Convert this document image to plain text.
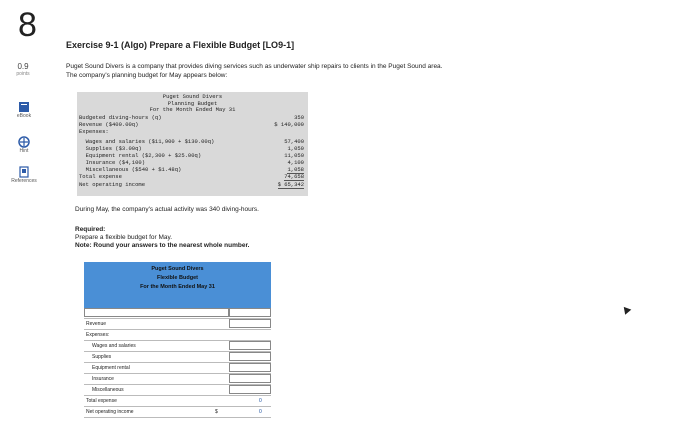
8
0.9
points
eBook
Hint
References
Exercise 9-1 (Algo) Prepare a Flexible Budget [LO9-1]
Puget Sound Divers is a company that provides diving services such as underwater ship repairs to clients in the Puget Sound area.
The company's planning budget for May appears below:
Puget Sound Divers
Planning Budget
For the Month Ended May 31
Budgeted diving-hours (q)	350
Revenue ($400.00q)	$ 140,000
Expenses:
Wages and salaries ($11,900 + $130.00q)	57,400
Supplies ($3.00q)	1,050
Equipment rental ($2,300 + $25.00q)	11,050
Insurance ($4,100)	4,100
Miscellaneous ($540 + $1.48q)	1,058
Total expense	74,658
Net operating income	$ 65,342
During May, the company's actual activity was 340 diving-hours.
Required:
Prepare a flexible budget for May.
Note: Round your answers to the nearest whole number.
Puget Sound Divers
Flexible Budget
For the Month Ended May 31
Revenue
Expenses:
Wages and salaries
Supplies
Equipment rental
Insurance
Miscellaneous
Total expense	0
Net operating income	$	0
